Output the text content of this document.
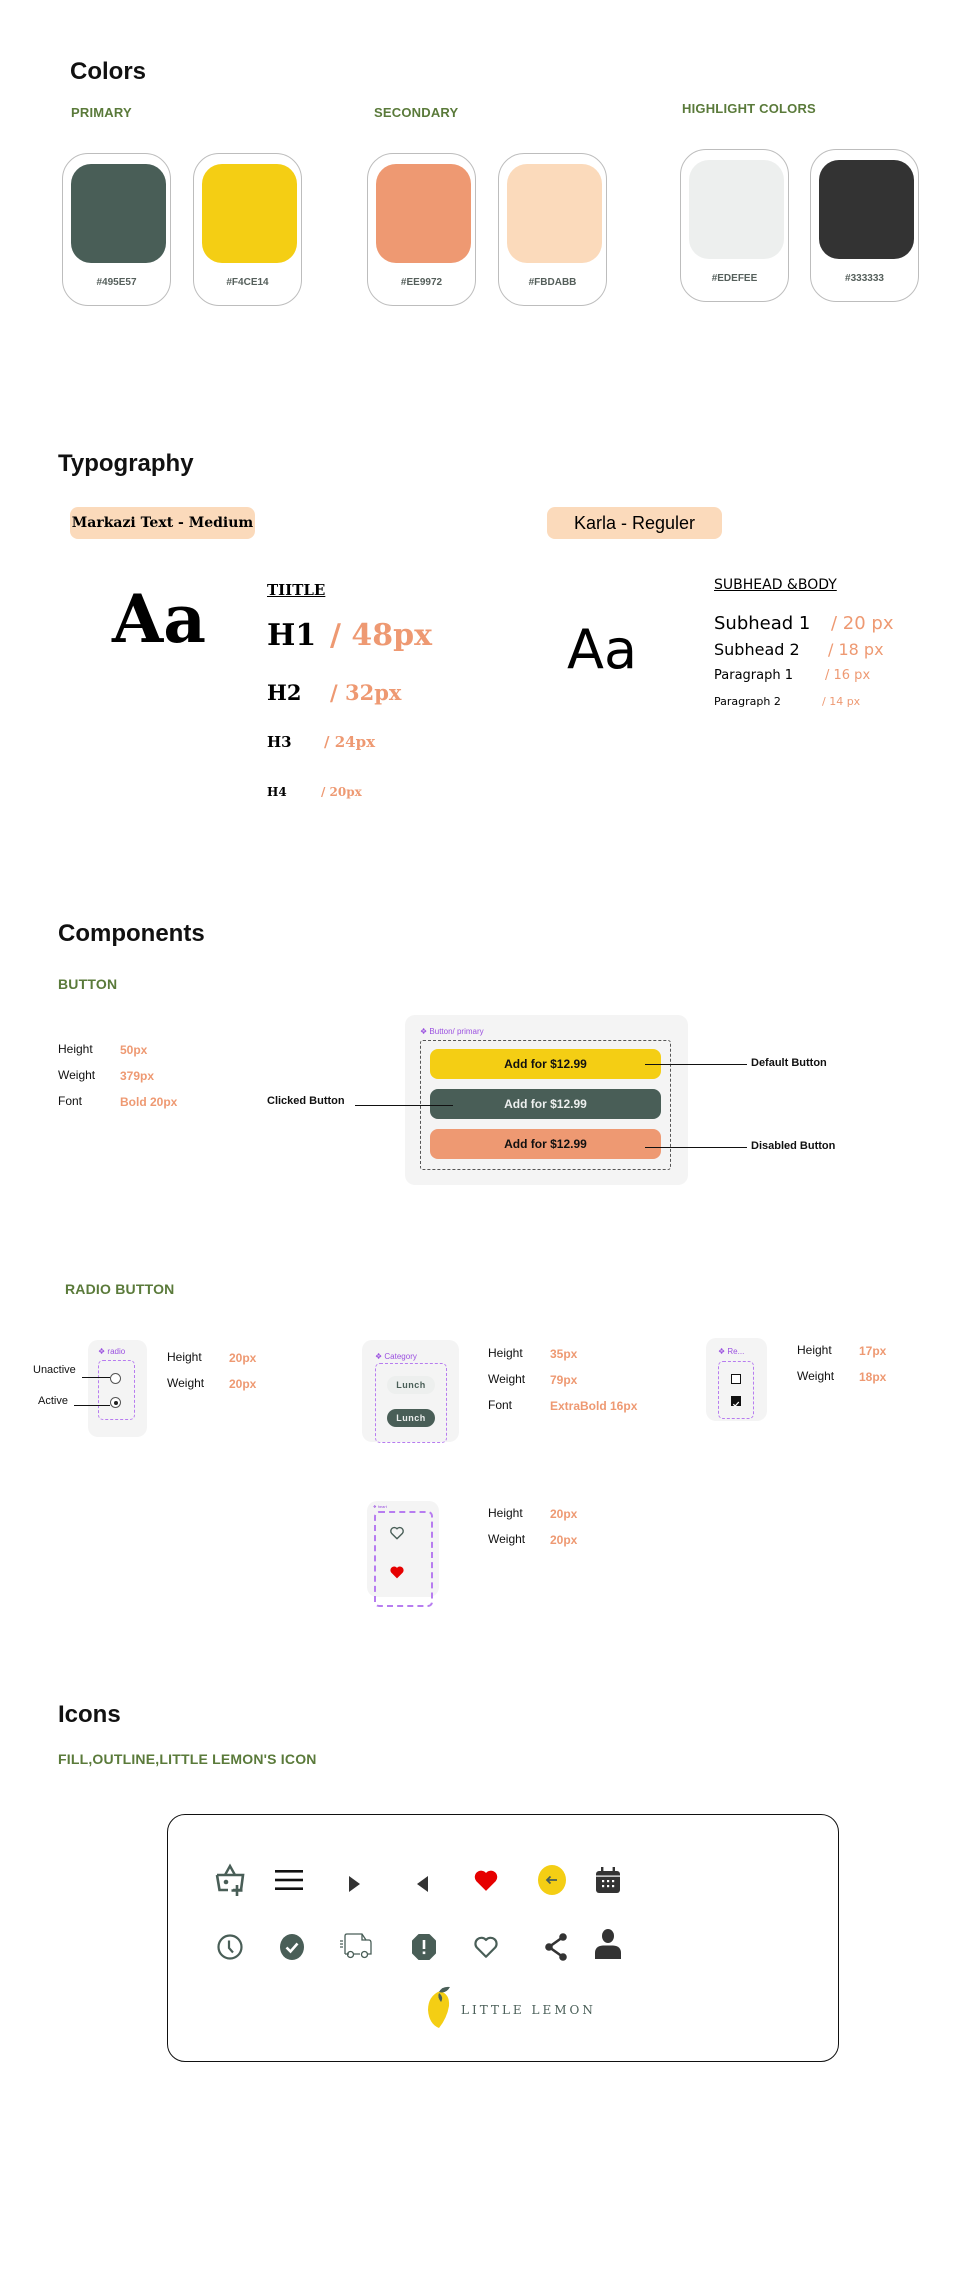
Colors
PRIMARY	SECONDARY	HIGHLIGHT COLORS
#495E57	#F4CE14	#EE9972	#FBDABB	#EDEFEE	#333333
Typography
Markazi Text - Medium
Aa	TIITLE
H1 / 48px
H2 / 32px
H3 / 24px
H4	/ 20px
Karla - Reguler
Aa
SUBHEAD &BODY
Subhead 1 / 20 px
Subhead 2 / 18 px
Paragraph 1 / 16 px
Paragraph 2	/ 14 px
Components
BUTTON
Height 50px
Weight 379px
Font	Bold 20px
❖ Button/ primary
Add for $12.99
Add for $12.99
Add for $12.99
Default Button
Clicked Button
Disabled Button
RADIO BUTTON
❖ radio
Unactive
Active
Height 20px
Weight 20px
❖ Category
Lunch
Lunch
Height 35px
Weight 79px
Font	ExtraBold 16px
❖ Re...	Height 17px
Weight 18px
❖ heart	Height 20px
Weight 20px
Icons
FILL,OUTLINE,LITTLE LEMON'S ICON
LITTLE LEMON
